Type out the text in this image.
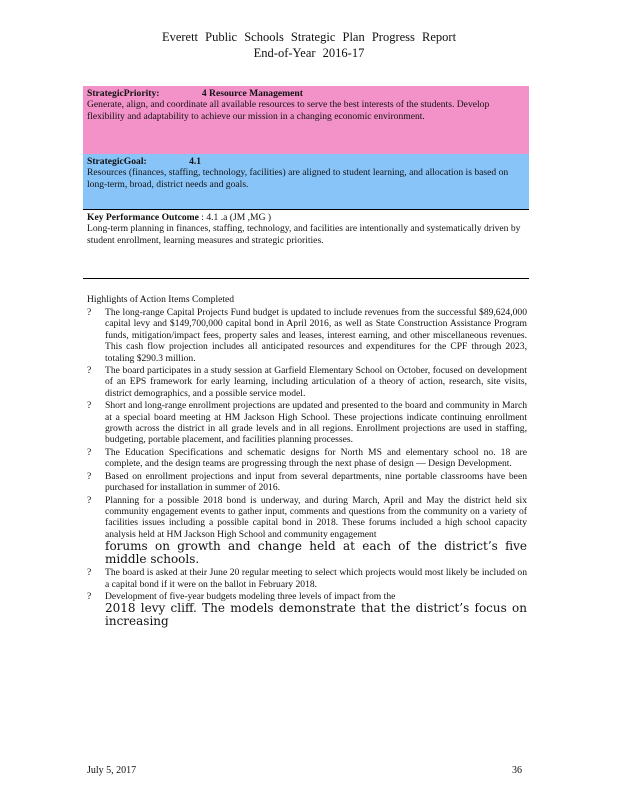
Everett Public Schools Strategic Plan Progress Report
End-of-Year 2016-17
StrategicPriority:	4 Resource Management
Generate, align, and coordinate all available resources to serve the best interests of the students. Develop flexibility and adaptability to achieve our mission in a changing economic environment.
StrategicGoal:	4.1
Resources (finances, staffing, technology, facilities) are aligned to student learning, and allocation is based on long-term, broad, district needs and goals.
Key Performance Outcome : 4.1 .a (JM ,MG )
Long-term planning in finances, staffing, technology, and facilities are intentionally and systematically driven by student enrollment, learning measures and strategic priorities.
Highlights of Action Items Completed
? The long-range Capital Projects Fund budget is updated to include revenues from the successful $89,624,000 capital levy and $149,700,000 capital bond in April 2016, as well as State Construction Assistance Program funds, mitigation/impact fees, property sales and leases, interest earning, and other miscellaneous revenues. This cash flow projection includes all anticipated resources and expenditures for the CPF through 2023, totaling $290.3 million.
? The board participates in a study session at Garfield Elementary School on October, focused on development of an EPS framework for early learning, including articulation of a theory of action, research, site visits, district demographics, and a possible service model.
? Short and long-range enrollment projections are updated and presented to the board and community in March at a special board meeting at HM Jackson High School. These projections indicate continuing enrollment growth across the district in all grade levels and in all regions. Enrollment projections are used in staffing, budgeting, portable placement, and facilities planning processes.
? The Education Specifications and schematic designs for North MS and elementary school no. 18 are complete, and the design teams are progressing through the next phase of design — Design Development.
? Based on enrollment projections and input from several departments, nine portable classrooms have been purchased for installation in summer of 2016.
? Planning for a possible 2018 bond is underway, and during March, April and May the district held six community engagement events to gather input, comments and questions from the community on a variety of facilities issues including a possible capital bond in 2018. These forums included a high school capacity analysis held at HM Jackson High School and community engagement
forums on growth and change held at each of the district’s five middle schools.
? The board is asked at their June 20 regular meeting to select which projects would most likely be included on a capital bond if it were on the ballot in February 2018.
? Development of five-year budgets modeling three levels of impact from the
2018 levy cliff. The models demonstrate that the district’s focus on increasing
July 5, 2017	36
